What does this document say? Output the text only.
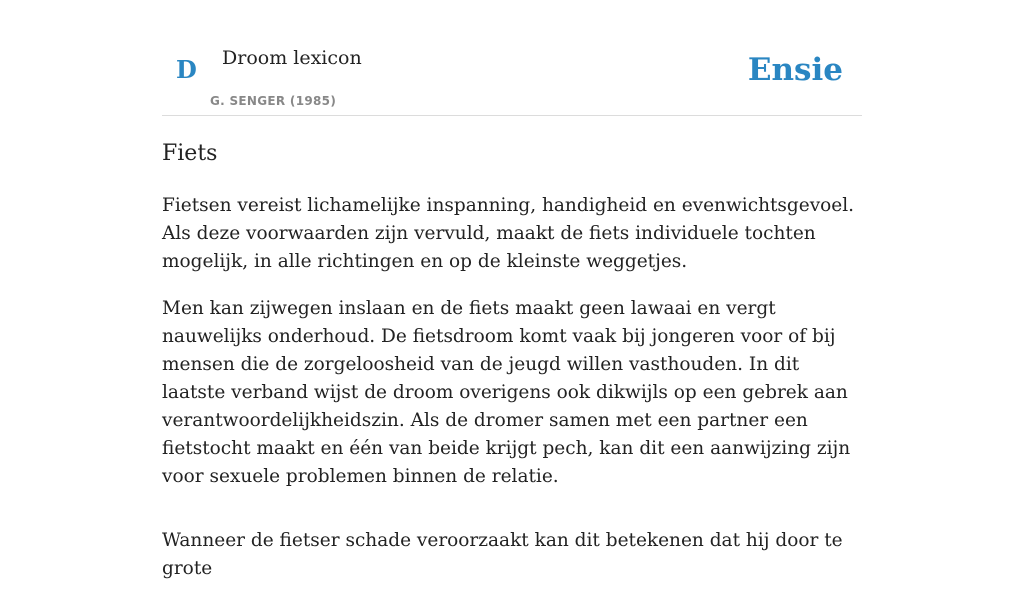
D Droom lexicon
G. SENGER (1985)
Ensie
Fiets

Fietsen vereist lichamelijke inspanning, handigheid en evenwichtsgevoel. Als deze voorwaarden zijn vervuld, maakt de fiets individuele tochten mogelijk, in alle richtingen en op de kleinste weggetjes.

Men kan zijwegen inslaan en de fiets maakt geen lawaai en vergt nauwelijks onderhoud. De fietsdroom komt vaak bij jongeren voor of bij mensen die de zorgeloosheid van de jeugd willen vasthouden. In dit laatste verband wijst de droom overigens ook dikwijls op een gebrek aan verantwoordelijkheidszin. Als de dromer samen met een partner een fietstocht maakt en één van beide krijgt pech, kan dit een aanwijzing zijn voor sexuele problemen binnen de relatie.

Wanneer de fietser schade veroorzaakt kan dit betekenen dat hij door te grote
